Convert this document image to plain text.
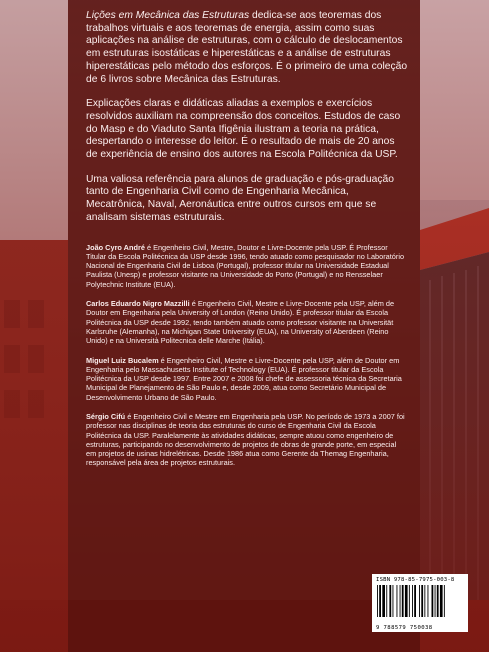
Lições em Mecânica das Estruturas dedica-se aos teoremas dos trabalhos virtuais e aos teoremas de energia, assim como suas aplicações na análise de estruturas, com o cálculo de deslocamentos em estruturas isostáticas e hiperestáticas e a análise de estruturas hiperestáticas pelo método dos esforços. É o primeiro de uma coleção de 6 livros sobre Mecânica das Estruturas.

Explicações claras e didáticas aliadas a exemplos e exercícios resolvidos auxiliam na compreensão dos conceitos. Estudos de caso do Masp e do Viaduto Santa Ifigênia ilustram a teoria na prática, despertando o interesse do leitor. É o resultado de mais de 20 anos de experiência de ensino dos autores na Escola Politécnica da USP.

Uma valiosa referência para alunos de graduação e pós-graduação tanto de Engenharia Civil como de Engenharia Mecânica, Mecatrônica, Naval, Aeronáutica entre outros cursos em que se analisam sistemas estruturais.

João Cyro André é Engenheiro Civil, Mestre, Doutor e Livre-Docente pela USP. É Professor Titular da Escola Politécnica da USP desde 1996, tendo atuado como pesquisador no Laboratório Nacional de Engenharia Civil de Lisboa (Portugal), professor titular na Universidade Estadual Paulista (Unesp) e professor visitante na Universidade do Porto (Portugal) e no Rensselaer Polytechnic Institute (EUA).

Carlos Eduardo Nigro Mazzilli é Engenheiro Civil, Mestre e Livre-Docente pela USP, além de Doutor em Engenharia pela University of London (Reino Unido). É professor titular da Escola Politécnica da USP desde 1992, tendo também atuado como professor visitante na Universität Karlsruhe (Alemanha), na Michigan State University (EUA), na University of Aberdeen (Reino Unido) e na Università Politecnica delle Marche (Itália).

Miguel Luiz Bucalem é Engenheiro Civil, Mestre e Livre-Docente pela USP, além de Doutor em Engenharia pelo Massachusetts Institute of Technology (EUA). É professor titular da Escola Politécnica da USP desde 1997. Entre 2007 e 2008 foi chefe de assessoria técnica da Secretaria Municipal de Planejamento de São Paulo e, desde 2009, atua como Secretário Municipal de Desenvolvimento Urbano de São Paulo.

Sérgio Cifú é Engenheiro Civil e Mestre em Engenharia pela USP. No período de 1973 a 2007 foi professor nas disciplinas de teoria das estruturas do curso de Engenharia Civil da Escola Politécnica da USP. Paralelamente às atividades didáticas, sempre atuou como engenheiro de estruturas, participando no desenvolvimento de projetos de obras de grande porte, em especial em projetos de usinas hidrelétricas. Desde 1986 atua como Gerente da Themag Engenharia, responsável pela área de projetos estruturais.

ISBN 978-85-7975-003-8
9 788579 750038
